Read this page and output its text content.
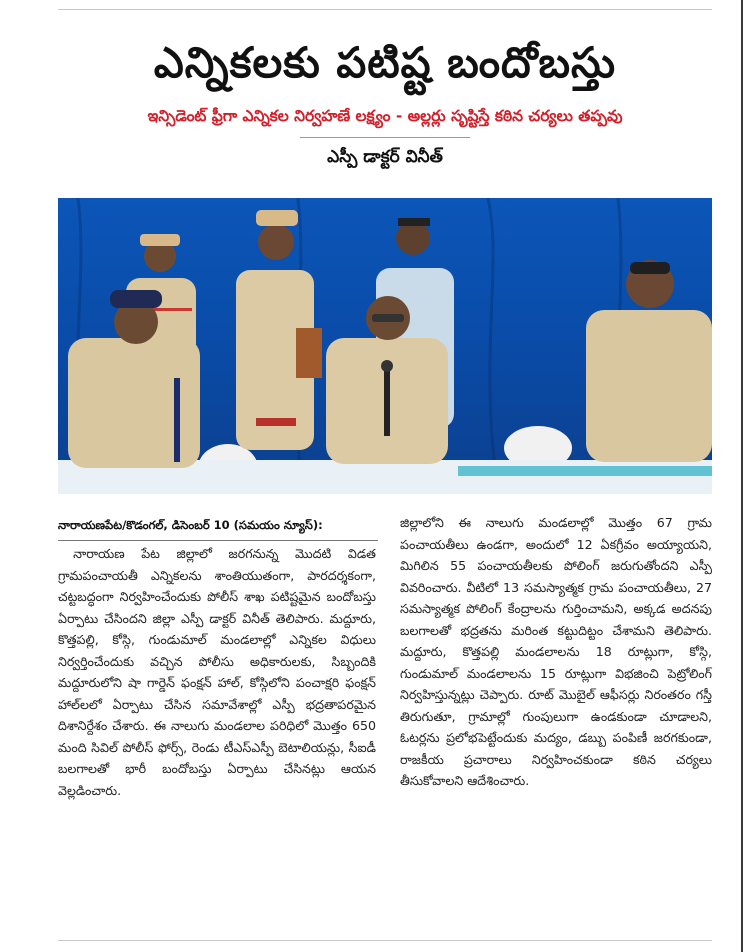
ఎన్నికలకు పటిష్ట బందోబస్తు
ఇన్సిడెంట్ ఫ్రీగా ఎన్నికల నిర్వహణే లక్ష్యం - అల్లర్లు సృష్టిస్తే కఠిన చర్యలు తప్పవు
ఎస్పీ డాక్టర్ వినీత్
నారాయణపేట/కొడంగల్, డిసెంబర్ 10 (సమయం న్యూస్):

నారాయణ పేట జిల్లాలో జరగనున్న మొదటి విడత గ్రామపంచాయతీ ఎన్నికలను శాంతియుతంగా, పారదర్శకంగా, చట్టబద్ధంగా నిర్వహించేందుకు పోలీస్ శాఖ పటిష్టమైన బందోబస్తు ఏర్పాటు చేసిందని జిల్లా ఎస్పీ డాక్టర్ వినీత్ తెలిపారు. మద్దూరు, కొత్తపల్లి, కోస్గి, గుండుమాల్ మండలాల్లో ఎన్నికల విధులు నిర్వర్తించేందుకు వచ్చిన పోలీసు అధికారులకు, సిబ్బందికి మద్దూరులోని షా గార్డెన్ ఫంక్షన్ హాల్, కోస్గిలోని పంచాక్షరి ఫంక్షన్ హాల్‌లలో ఏర్పాటు చేసిన సమావేశాల్లో ఎస్పీ భద్రతాపరమైన దిశానిర్దేశం చేశారు. ఈ నాలుగు మండలాల పరిధిలో మొత్తం 650 మంది సివిల్ పోలీస్ ఫోర్స్, రెండు టీఎస్ఎస్పీ బెటాలియన్లు, సీఐడీ బలగాలతో భారీ బందోబస్తు ఏర్పాటు చేసినట్లు ఆయన వెల్లడించారు.

జిల్లాలోని ఈ నాలుగు మండలాల్లో మొత్తం 67 గ్రామ పంచాయతీలు ఉండగా, అందులో 12 ఏకగ్రీవం అయ్యాయని, మిగిలిన 55 పంచాయతీలకు పోలింగ్ జరుగుతోందని ఎస్పీ వివరించారు. వీటిలో 13 సమస్యాత్మక గ్రామ పంచాయతీలు, 27 సమస్యాత్మక పోలింగ్ కేంద్రాలను గుర్తించామని, అక్కడ అదనపు బలగాలతో భద్రతను మరింత కట్టుదిట్టం చేశామని తెలిపారు. మద్దూరు, కొత్తపల్లి మండలాలను 18 రూట్లుగా, కోస్గి, గుండుమాల్ మండలాలను 15 రూట్లుగా విభజించి పెట్రోలింగ్ నిర్వహిస్తున్నట్లు చెప్పారు. రూట్ మొబైల్ ఆఫీసర్లు నిరంతరం గస్తీ తిరుగుతూ, గ్రామాల్లో గుంపులుగా ఉండకుండా చూడాలని, ఓటర్లను ప్రలోభపెట్టేందుకు మద్యం, డబ్బు పంపిణీ జరగకుండా, రాజకీయ ప్రచారాలు నిర్వహించకుండా కఠిన చర్యలు తీసుకోవాలని ఆదేశించారు.
